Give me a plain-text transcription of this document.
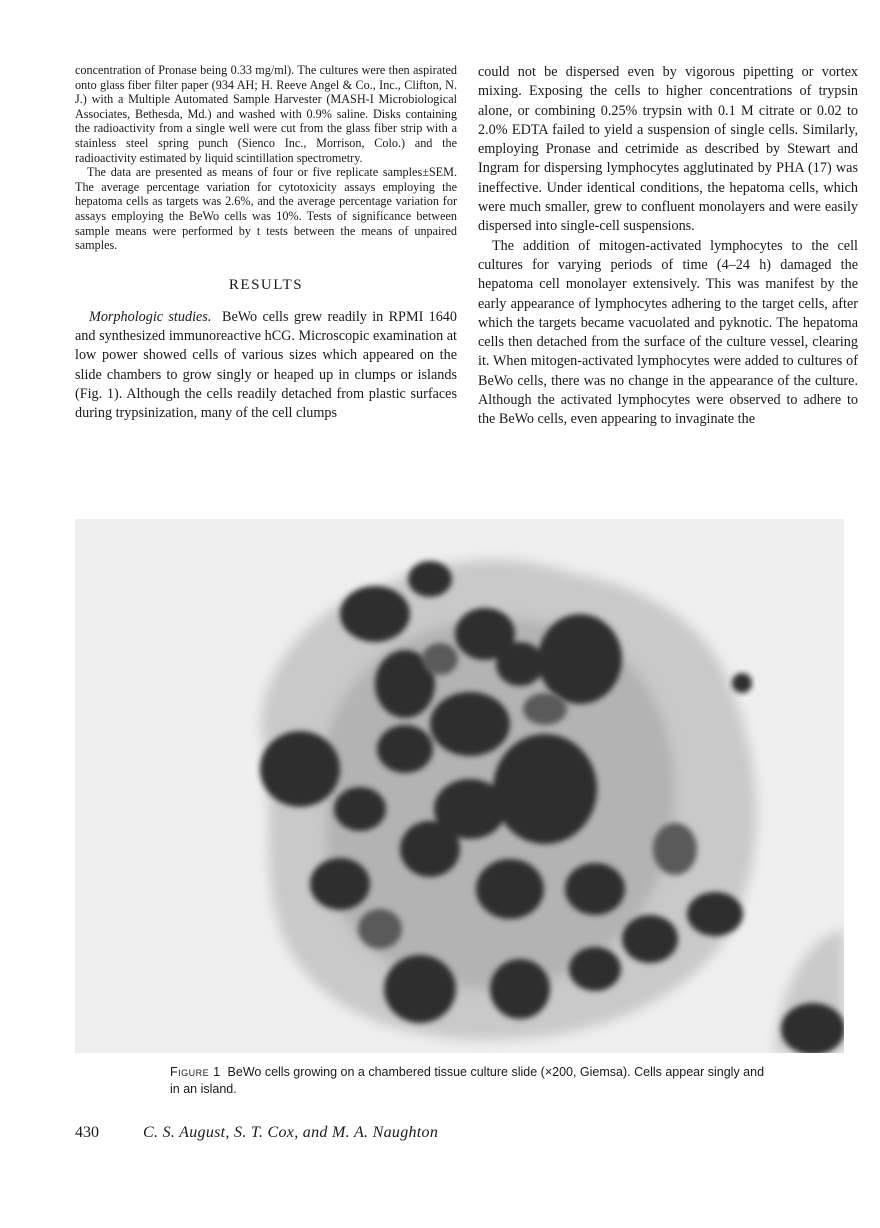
concentration of Pronase being 0.33 mg/ml). The cultures were then aspirated onto glass fiber filter paper (934 AH; H. Reeve Angel & Co., Inc., Clifton, N. J.) with a Multiple Automated Sample Harvester (MASH-I Microbiological Associates, Bethesda, Md.) and washed with 0.9% saline. Disks containing the radioactivity from a single well were cut from the glass fiber strip with a stainless steel spring punch (Sienco Inc., Morrison, Colo.) and the radioactivity estimated by liquid scintillation spectrometry.

The data are presented as means of four or five replicate samples±SEM. The average percentage variation for cytotoxicity assays employing the hepatoma cells as targets was 2.6%, and the average percentage variation for assays employing the BeWo cells was 10%. Tests of significance between sample means were performed by t tests between the means of unpaired samples.

RESULTS

Morphologic studies. BeWo cells grew readily in RPMI 1640 and synthesized immunoreactive hCG. Microscopic examination at low power showed cells of various sizes which appeared on the slide chambers to grow singly or heaped up in clumps or islands (Fig. 1). Although the cells readily detached from plastic surfaces during trypsinization, many of the cell clumps

could not be dispersed even by vigorous pipetting or vortex mixing. Exposing the cells to higher concentrations of trypsin alone, or combining 0.25% trypsin with 0.1 M citrate or 0.02 to 2.0% EDTA failed to yield a suspension of single cells. Similarly, employing Pronase and cetrimide as described by Stewart and Ingram for dispersing lymphocytes agglutinated by PHA (17) was ineffective. Under identical conditions, the hepatoma cells, which were much smaller, grew to confluent monolayers and were easily dispersed into single-cell suspensions.

The addition of mitogen-activated lymphocytes to the cell cultures for varying periods of time (4–24 h) damaged the hepatoma cell monolayer extensively. This was manifest by the early appearance of lymphocytes adhering to the target cells, after which the targets became vacuolated and pyknotic. The hepatoma cells then detached from the surface of the culture vessel, clearing it. When mitogen-activated lymphocytes were added to cultures of BeWo cells, there was no change in the appearance of the culture. Although the activated lymphocytes were observed to adhere to the BeWo cells, even appearing to invaginate the

Figure 1 BeWo cells growing on a chambered tissue culture slide (×200, Giemsa). Cells appear singly and in an island.
430	C. S. August, S. T. Cox, and M. A. Naughton
